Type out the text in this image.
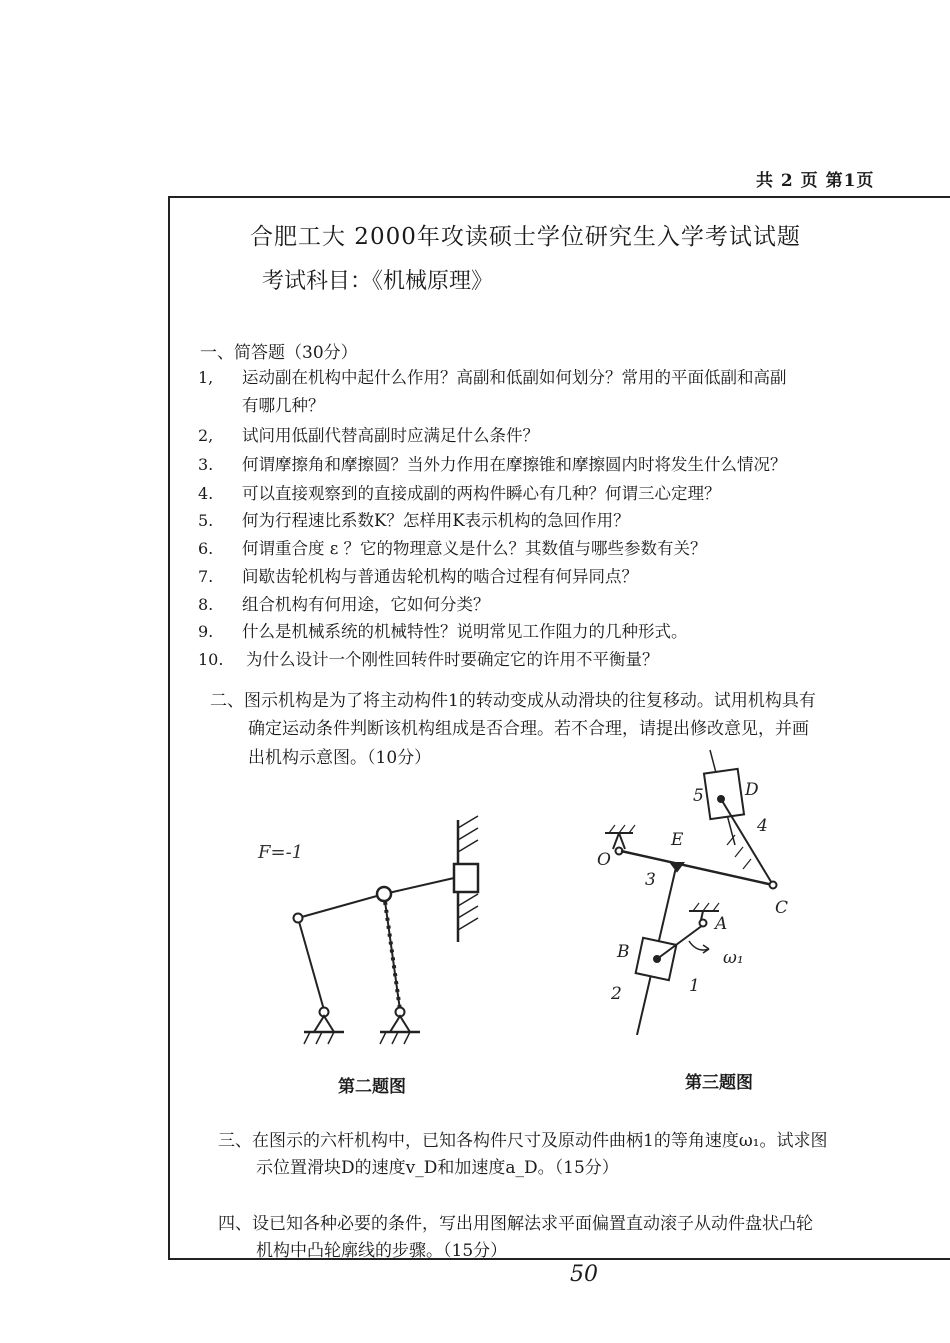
共 2 页 第1页
合肥工大 2000年攻读硕士学位研究生入学考试试题
考试科目：《机械原理》
一、简答题（30分）
1, 运动副在机构中起什么作用？高副和低副如何划分？常用的平面低副和高副
有哪几种？
2, 试问用低副代替高副时应满足什么条件？
3. 何谓摩擦角和摩擦圆？当外力作用在摩擦锥和摩擦圆内时将发生什么情况？
4. 可以直接观察到的直接成副的两构件瞬心有几种？何谓三心定理？
5. 何为行程速比系数K？怎样用K表示机构的急回作用？
6. 何谓重合度 ε ？它的物理意义是什么？其数值与哪些参数有关？
7. 间歇齿轮机构与普通齿轮机构的啮合过程有何异同点？
8. 组合机构有何用途，它如何分类？
9. 什么是机械系统的机械特性？说明常见工作阻力的几种形式。
10. 为什么设计一个刚性回转件时要确定它的许用不平衡量？
二、图示机构是为了将主动构件1的转动变成从动滑块的往复移动。试用机构具有
确定运动条件判断该机构组成是否合理。若不合理，请提出修改意见，并画
出机构示意图。（10分）
F=-1	O
A
B
C
D
ω₁
1
2
3
4
5
E
第二题图	第三题图
三、在图示的六杆机构中，已知各构件尺寸及原动件曲柄1的等角速度ω₁。试求图
示位置滑块D的速度v_D和加速度a_D。（15分）
四、设已知各种必要的条件，写出用图解法求平面偏置直动滚子从动件盘状凸轮
机构中凸轮廓线的步骤。（15分）
50
